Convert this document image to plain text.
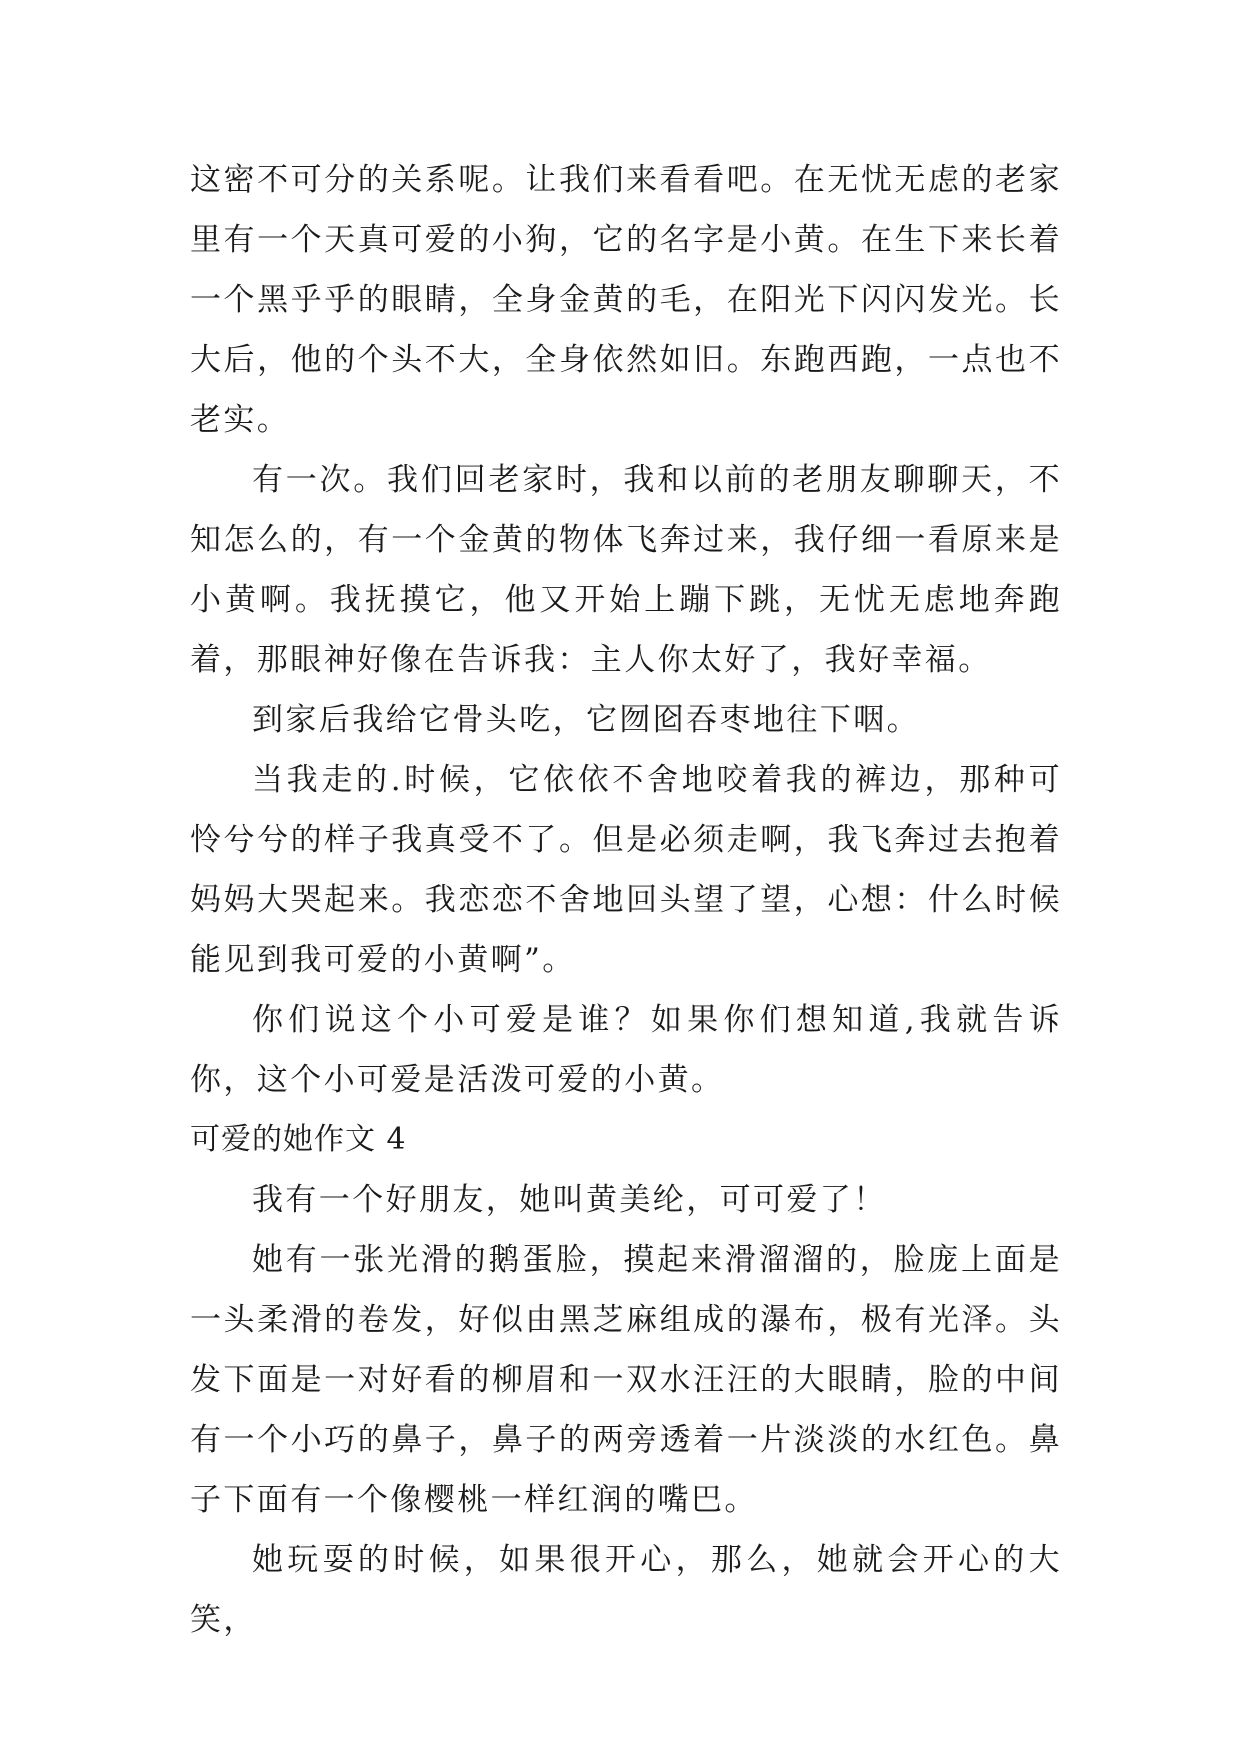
这密不可分的关系呢。让我们来看看吧。在无忧无虑的老家里有一个天真可爱的小狗，它的名字是小黄。在生下来长着一个黑乎乎的眼睛，全身金黄的毛，在阳光下闪闪发光。长大后，他的个头不大，全身依然如旧。东跑西跑，一点也不老实。

有一次。我们回老家时，我和以前的老朋友聊聊天，不知怎么的，有一个金黄的物体飞奔过来，我仔细一看原来是小黄啊。我抚摸它，他又开始上蹦下跳，无忧无虑地奔跑着，那眼神好像在告诉我：主人你太好了，我好幸福。

到家后我给它骨头吃，它囫囵吞枣地往下咽。

当我走的.时候，它依依不舍地咬着我的裤边，那种可怜兮兮的样子我真受不了。但是必须走啊，我飞奔过去抱着妈妈大哭起来。我恋恋不舍地回头望了望，心想：什么时候能见到我可爱的小黄啊”。

你们说这个小可爱是谁？如果你们想知道,我就告诉你，这个小可爱是活泼可爱的小黄。

可爱的她作文 4

我有一个好朋友，她叫黄美纶，可可爱了！

她有一张光滑的鹅蛋脸，摸起来滑溜溜的，脸庞上面是一头柔滑的卷发，好似由黑芝麻组成的瀑布，极有光泽。头发下面是一对好看的柳眉和一双水汪汪的大眼睛，脸的中间有一个小巧的鼻子，鼻子的两旁透着一片淡淡的水红色。鼻子下面有一个像樱桃一样红润的嘴巴。

她玩耍的时候，如果很开心，那么，她就会开心的大笑，
